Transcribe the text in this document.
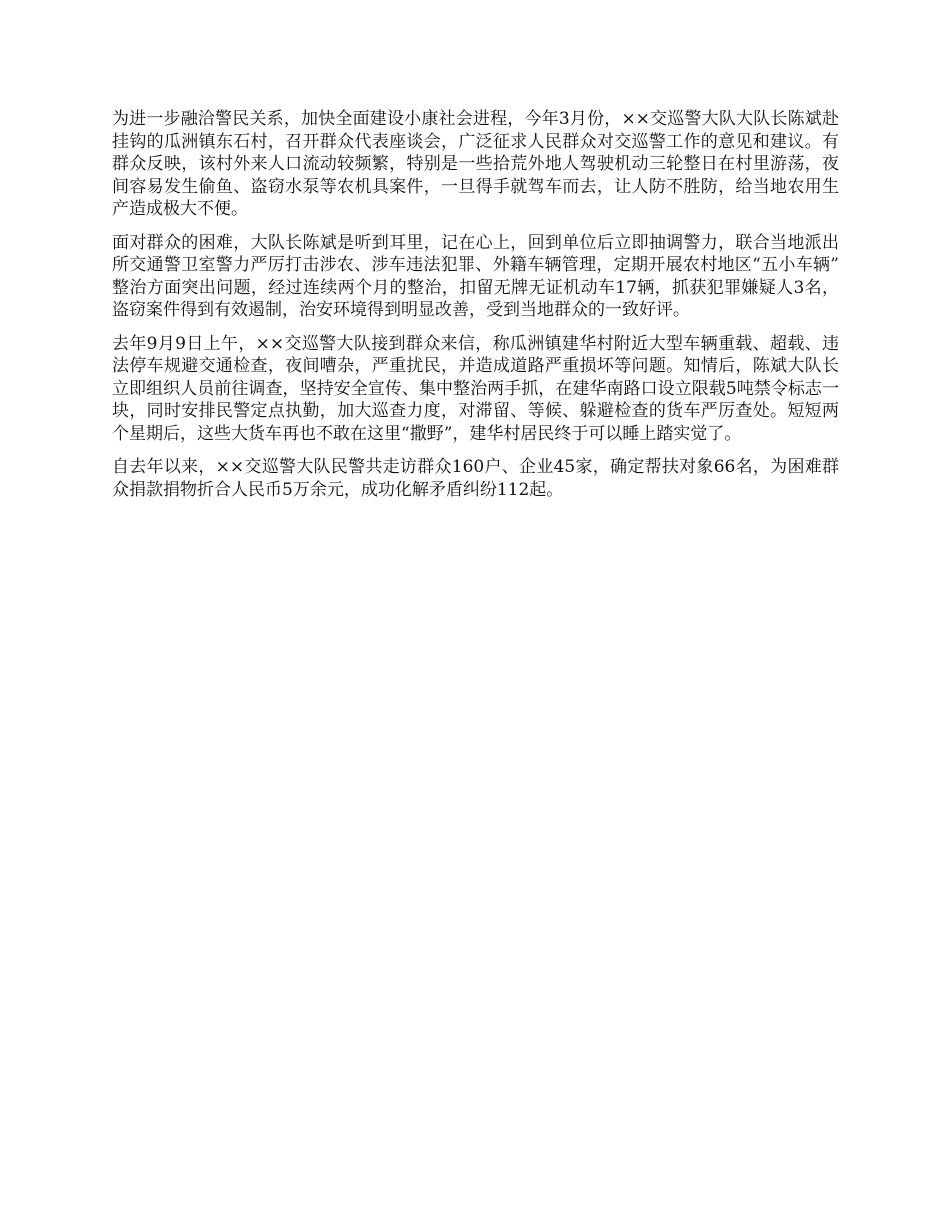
为进一步融洽警民关系，加快全面建设小康社会进程，今年3月份，××交巡警大队大队长陈斌赴挂钩的瓜洲镇东石村，召开群众代表座谈会，广泛征求人民群众对交巡警工作的意见和建议。有群众反映，该村外来人口流动较频繁，特别是一些拾荒外地人驾驶机动三轮整日在村里游荡，夜间容易发生偷鱼、盗窃水泵等农机具案件，一旦得手就驾车而去，让人防不胜防，给当地农用生产造成极大不便。

面对群众的困难，大队长陈斌是听到耳里，记在心上，回到单位后立即抽调警力，联合当地派出所交通警卫室警力严厉打击涉农、涉车违法犯罪、外籍车辆管理，定期开展农村地区“五小车辆”整治方面突出问题，经过连续两个月的整治，扣留无牌无证机动车17辆，抓获犯罪嫌疑人3名，盗窃案件得到有效遏制，治安环境得到明显改善，受到当地群众的一致好评。

去年9月9日上午，××交巡警大队接到群众来信，称瓜洲镇建华村附近大型车辆重载、超载、违法停车规避交通检查，夜间嘈杂，严重扰民，并造成道路严重损坏等问题。知情后，陈斌大队长立即组织人员前往调查，坚持安全宣传、集中整治两手抓，在建华南路口设立限载5吨禁令标志一块，同时安排民警定点执勤，加大巡查力度，对滞留、等候、躲避检查的货车严厉查处。短短两个星期后，这些大货车再也不敢在这里“撒野”，建华村居民终于可以睡上踏实觉了。

自去年以来，××交巡警大队民警共走访群众160户、企业45家，确定帮扶对象66名，为困难群众捐款捐物折合人民币5万余元，成功化解矛盾纠纷112起。
